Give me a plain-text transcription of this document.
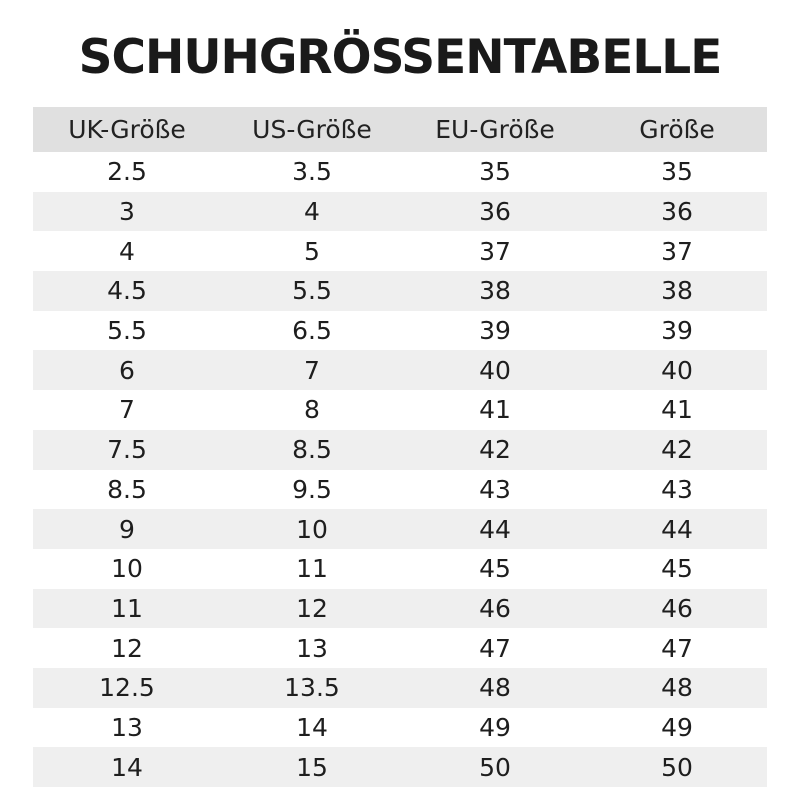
SCHUHGRÖSSENTABELLE
UK-Größe	US-Größe	EU-Größe	Größe
2.5	3.5	35	35
3	4	36	36
4	5	37	37
4.5	5.5	38	38
5.5	6.5	39	39
6	7	40	40
7	8	41	41
7.5	8.5	42	42
8.5	9.5	43	43
9	10	44	44
10	11	45	45
11	12	46	46
12	13	47	47
12.5	13.5	48	48
13	14	49	49
14	15	50	50
